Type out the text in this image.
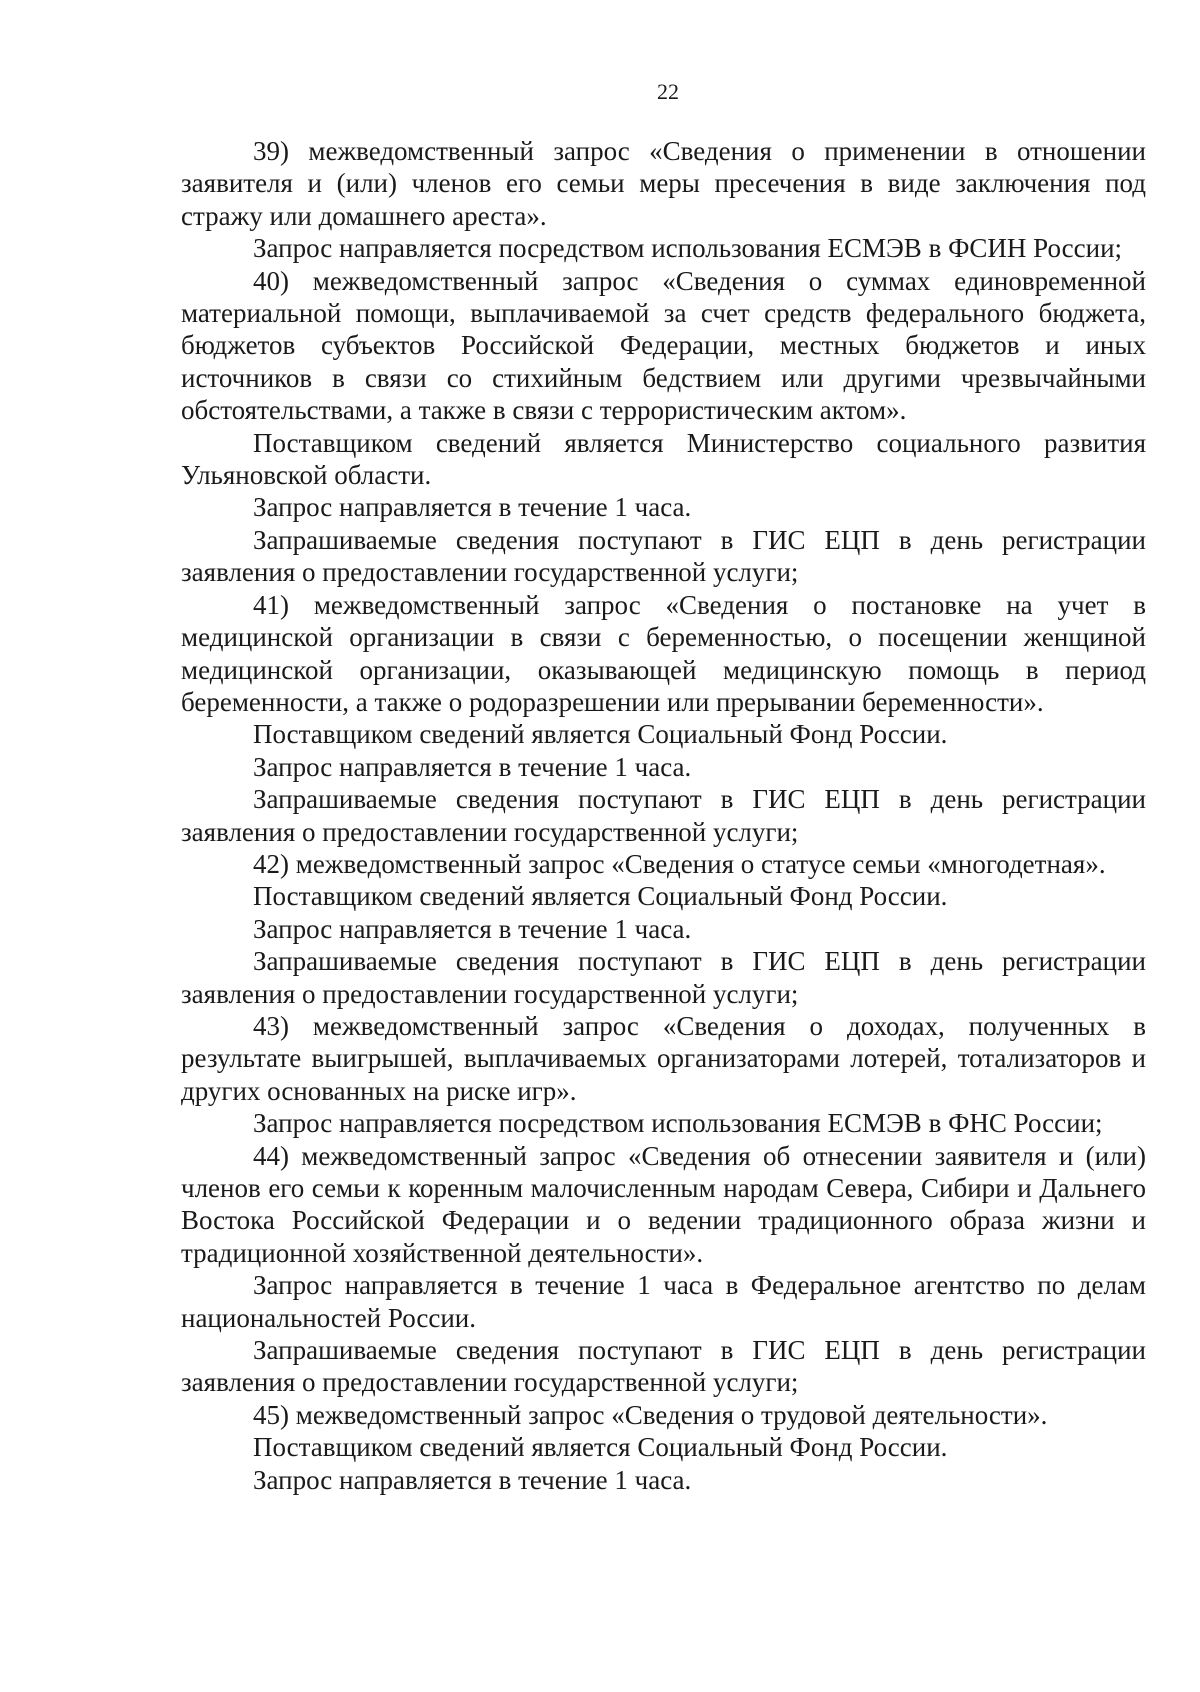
22

39) межведомственный запрос «Сведения о применении в отношении заявителя и (или) членов его семьи меры пресечения в виде заключения под стражу или домашнего ареста».

Запрос направляется посредством использования ЕСМЭВ в ФСИН России;

40) межведомственный запрос «Сведения о суммах единовременной материальной помощи, выплачиваемой за счет средств федерального бюджета, бюджетов субъектов Российской Федерации, местных бюджетов и иных источников в связи со стихийным бедствием или другими чрезвычайными обстоятельствами, а также в связи с террористическим актом».

Поставщиком сведений является Министерство социального развития Ульяновской области.

Запрос направляется в течение 1 часа.

Запрашиваемые сведения поступают в ГИС ЕЦП в день регистрации заявления о предоставлении государственной услуги;

41) межведомственный запрос «Сведения о постановке на учет в медицинской организации в связи с беременностью, о посещении женщиной медицинской организации, оказывающей медицинскую помощь в период беременности, а также о родоразрешении или прерывании беременности».

Поставщиком сведений является Социальный Фонд России.

Запрос направляется в течение 1 часа.

Запрашиваемые сведения поступают в ГИС ЕЦП в день регистрации заявления о предоставлении государственной услуги;

42) межведомственный запрос «Сведения о статусе семьи «многодетная».

Поставщиком сведений является Социальный Фонд России.

Запрос направляется в течение 1 часа.

Запрашиваемые сведения поступают в ГИС ЕЦП в день регистрации заявления о предоставлении государственной услуги;

43) межведомственный запрос «Сведения о доходах, полученных в результате выигрышей, выплачиваемых организаторами лотерей, тотализаторов и других основанных на риске игр».

Запрос направляется посредством использования ЕСМЭВ в ФНС России;

44) межведомственный запрос «Сведения об отнесении заявителя и (или) членов его семьи к коренным малочисленным народам Севера, Сибири и Дальнего Востока Российской Федерации и о ведении традиционного образа жизни и традиционной хозяйственной деятельности».

Запрос направляется в течение 1 часа в Федеральное агентство по делам национальностей России.

Запрашиваемые сведения поступают в ГИС ЕЦП в день регистрации заявления о предоставлении государственной услуги;

45) межведомственный запрос «Сведения о трудовой деятельности».

Поставщиком сведений является Социальный Фонд России.

Запрос направляется в течение 1 часа.
